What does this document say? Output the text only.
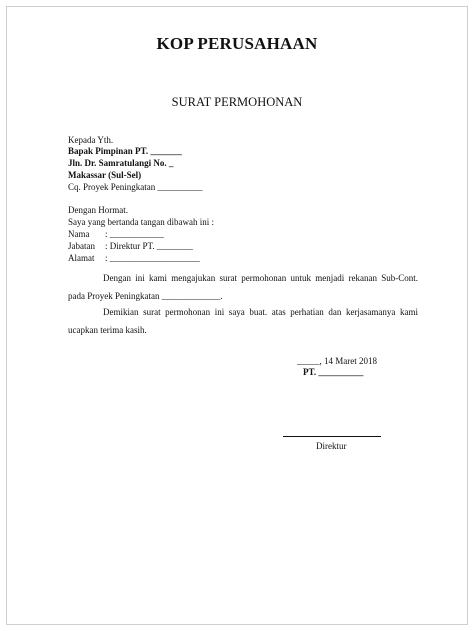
KOP PERUSAHAAN
SURAT PERMOHONAN
Kepada Yth.
Bapak Pimpinan PT. _______
Jln. Dr. Samratulangi No. _
Makassar (Sul-Sel)
Cq. Proyek Peningkatan __________
Dengan Hormat.
Saya yang bertanda tangan dibawah ini :
Nama : ____________
Jabatan : Direktur PT. ________
Alamat : ____________________
Dengan ini kami mengajukan surat permohonan untuk menjadi rekanan Sub-Cont. pada Proyek Peningkatan _____________.
Demikian surat permohonan ini saya buat. atas perhatian dan kerjasamanya kami ucapkan terima kasih.
_____, 14 Maret 2018
PT. __________
Direktur
